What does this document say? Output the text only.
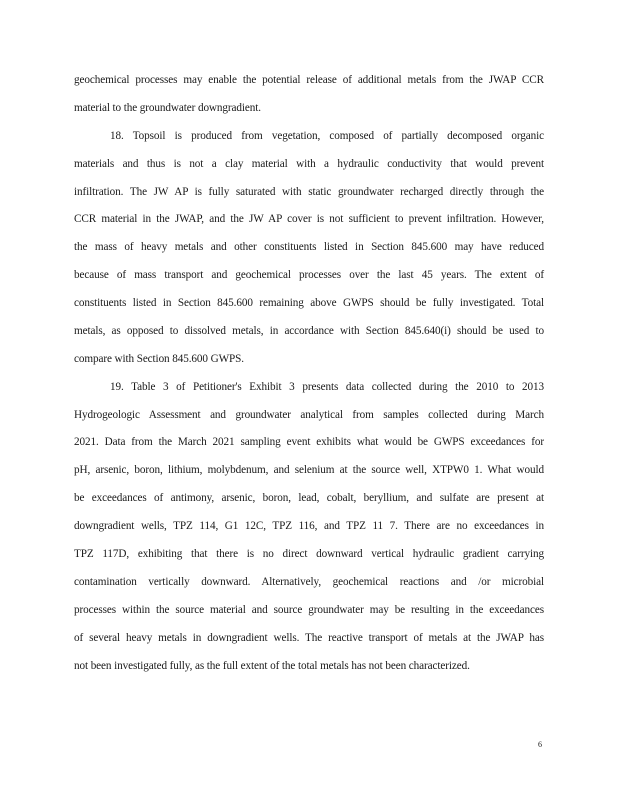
geochemical processes may enable the potential release of additional metals from the JWAP CCR
material to the groundwater downgradient.
18. Topsoil is produced from vegetation, composed of partially decomposed organic
materials and thus is not a clay material with a hydraulic conductivity that would prevent
infiltration. The JW AP is fully saturated with static groundwater recharged directly through the
CCR material in the JWAP, and the JW AP cover is not sufficient to prevent infiltration. However,
the mass of heavy metals and other constituents listed in Section 845.600 may have reduced
because of mass transport and geochemical processes over the last 45 years. The extent of
constituents listed in Section 845.600 remaining above GWPS should be fully investigated. Total
metals, as opposed to dissolved metals, in accordance with Section 845.640(i) should be used to
compare with Section 845.600 GWPS.
19. Table 3 of Petitioner's Exhibit 3 presents data collected during the 2010 to 2013
Hydrogeologic Assessment and groundwater analytical from samples collected during March
2021. Data from the March 2021 sampling event exhibits what would be GWPS exceedances for
pH, arsenic, boron, lithium, molybdenum, and selenium at the source well, XTPW0 1. What would
be exceedances of antimony, arsenic, boron, lead, cobalt, beryllium, and sulfate are present at
downgradient wells, TPZ 114, G1 12C, TPZ 116, and TPZ 11 7. There are no exceedances in
TPZ 117D, exhibiting that there is no direct downward vertical hydraulic gradient carrying
contamination vertically downward. Alternatively, geochemical reactions and /or microbial
processes within the source material and source groundwater may be resulting in the exceedances
of several heavy metals in downgradient wells. The reactive transport of metals at the JWAP has
not been investigated fully, as the full extent of the total metals has not been characterized.
6
